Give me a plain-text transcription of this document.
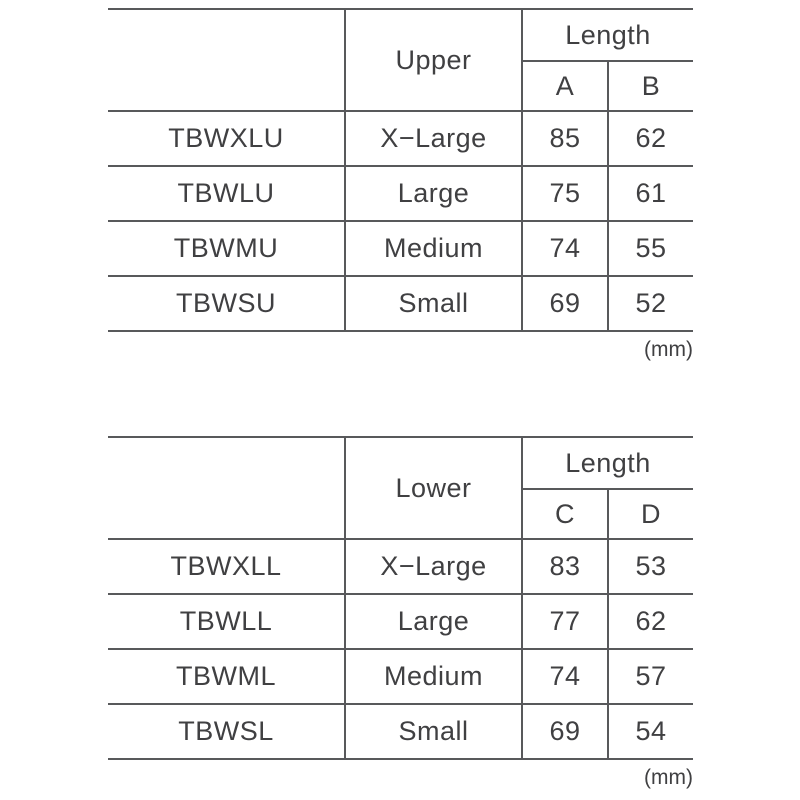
	Upper	Length	
		A	B
TBWXLU	X−Large	85	62
TBWLU	Large	75	61
TBWMU	Medium	74	55
TBWSU	Small	69	52
(mm)
	Lower	Length	
		C	D
TBWXLL	X−Large	83	53
TBWLL	Large	77	62
TBWML	Medium	74	57
TBWSL	Small	69	54
(mm)
